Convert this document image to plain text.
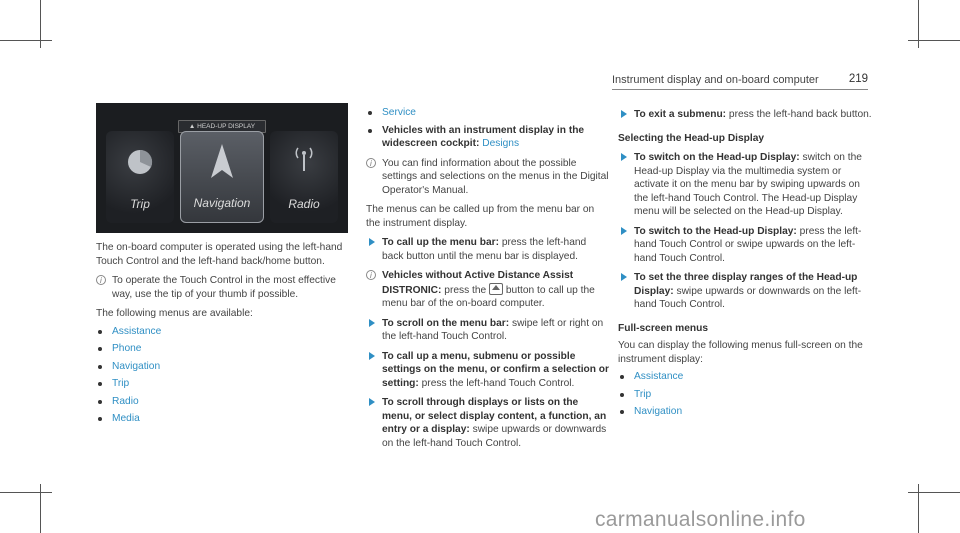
Instrument display and on-board computer	219
▲ HEAD-UP DISPLAY
Trip	Navigation	Radio

The on-board computer is operated using the left-hand Touch Control and the left-hand back/home button.

i
To operate the Touch Control in the most effective way, use the tip of your thumb if possible.

The following menus are available:

Assistance
Phone
Navigation
Trip
Radio
Media
Service
Vehicles with an instrument display in the widescreen cockpit: Designs
i
You can find information about the possible settings and selections on the menus in the Digital Operator's Manual.

The menus can be called up from the menu bar on the instrument display.

To call up the menu bar: press the left-hand back button until the menu bar is displayed.
i
Vehicles without Active Distance Assist DISTRONIC: press the button to call up the menu bar of the on-board computer.
To scroll on the menu bar: swipe left or right on the left-hand Touch Control.
To call up a menu, submenu or possible settings on the menu, or confirm a selection or setting: press the left-hand Touch Control.
To scroll through displays or lists on the menu, or select display content, a function, an entry or a display: swipe upwards or downwards on the left-hand Touch Control.
To exit a submenu: press the left-hand back button.
Selecting the Head-up Display
To switch on the Head-up Display: switch on the Head-up Display via the multimedia system or activate it on the menu bar by swiping upwards on the left-hand Touch Control. The Head-up Display menu will be selected on the Head-up Display.
To switch to the Head-up Display: press the left-hand Touch Control or swipe upwards on the left-hand Touch Control.
To set the three display ranges of the Head-up Display: swipe upwards or downwards on the left-hand Touch Control.
Full-screen menus

You can display the following menus full-screen on the instrument display:

Assistance
Trip
Navigation
carmanualsonline.info
